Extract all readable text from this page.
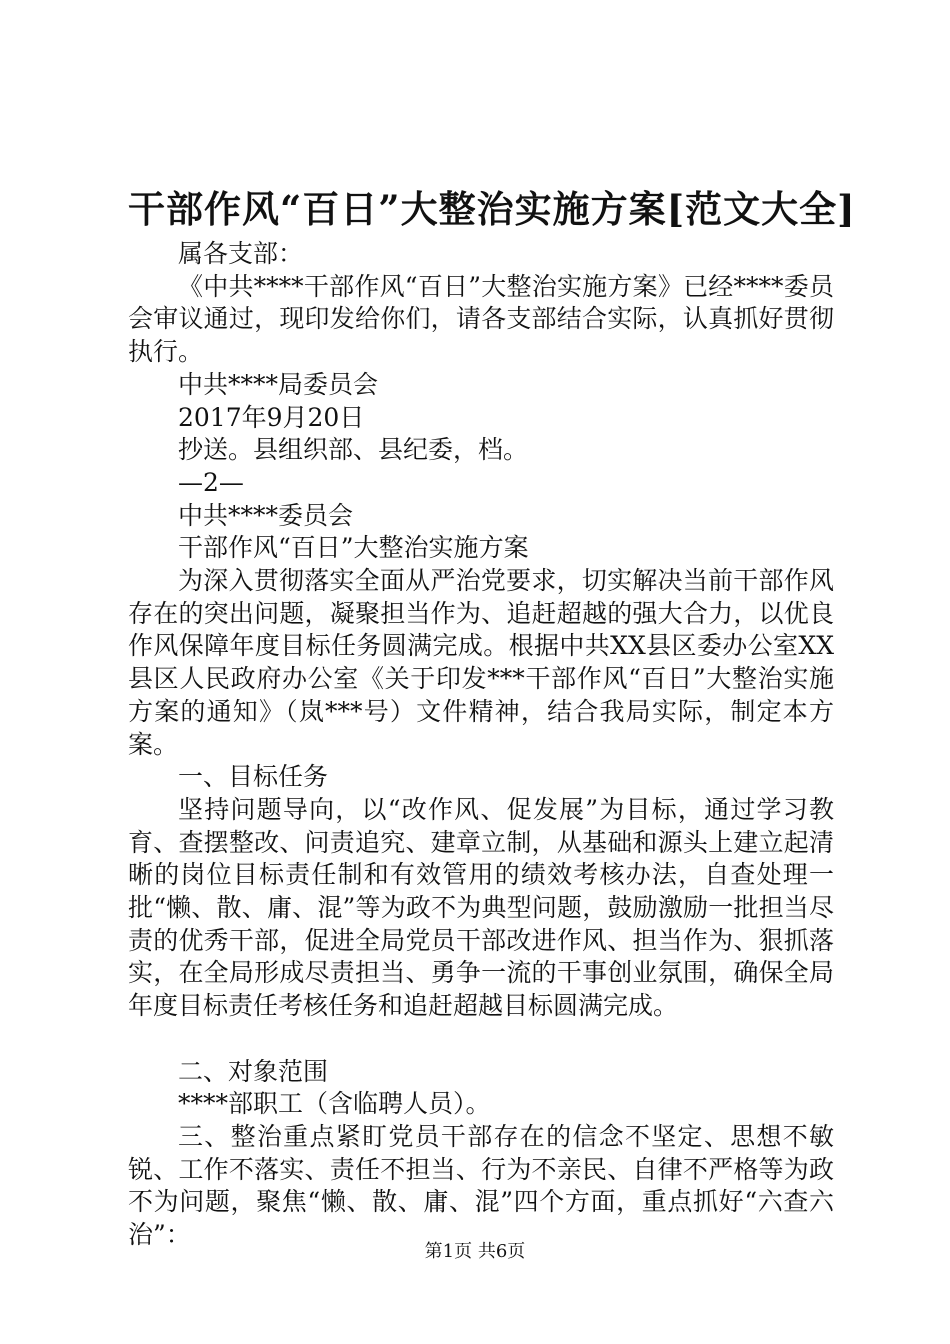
干部作风“百日”大整治实施方案[范文大全]

属各支部：

《中共****干部作风“百日”大整治实施方案》已经****委员会审议通过，现印发给你们，请各支部结合实际，认真抓好贯彻执行。

中共****局委员会

2017年9月20日

抄送。县组织部、县纪委，档。

—2—

中共****委员会

干部作风“百日”大整治实施方案

为深入贯彻落实全面从严治党要求，切实解决当前干部作风存在的突出问题，凝聚担当作为、追赶超越的强大合力，以优良作风保障年度目标任务圆满完成。根据中共XX县区委办公室XX县区人民政府办公室《关于印发***干部作风“百日”大整治实施方案的通知》（岚***号）文件精神，结合我局实际，制定本方案。

一、目标任务

坚持问题导向，以“改作风、促发展”为目标，通过学习教育、查摆整改、问责追究、建章立制，从基础和源头上建立起清晰的岗位目标责任制和有效管用的绩效考核办法，自查处理一批“懒、散、庸、混”等为政不为典型问题，鼓励激励一批担当尽责的优秀干部，促进全局党员干部改进作风、担当作为、狠抓落实，在全局形成尽责担当、勇争一流的干事创业氛围，确保全局年度目标责任考核任务和追赶超越目标圆满完成。

二、对象范围

****部职工（含临聘人员）。

三、整治重点紧盯党员干部存在的信念不坚定、思想不敏锐、工作不落实、责任不担当、行为不亲民、自律不严格等为政不为问题，聚焦“懒、散、庸、混”四个方面，重点抓好“六查六治”：

第1页 共6页
